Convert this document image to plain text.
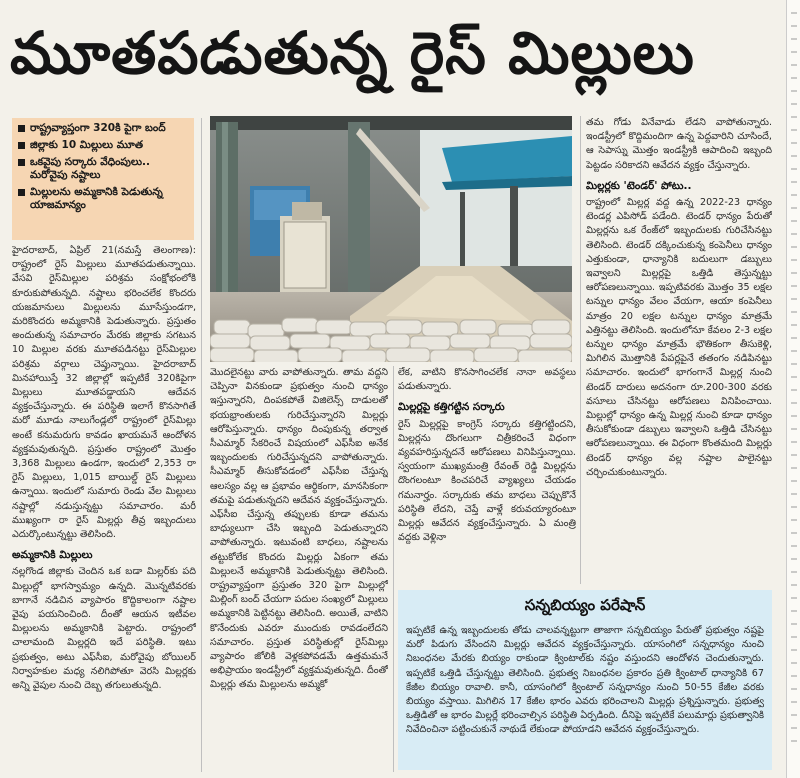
మూతపడుతున్న రైస్ మిల్లులు
రాష్ట్రవ్యాప్తంగా 320కి పైగా బంద్
జిల్లాకు 10 మిల్లులు మూత
ఒకవైపు సర్కారు వేధింపులు.. మరోవైపు నష్టాలు
మిల్లులను అమ్మకానికి పెడుతున్న యాజమాన్యం

హైదరాబాద్, ఏప్రిల్ 21(నమస్తే తెలంగాణ): రాష్ట్రంలో రైస్ మిల్లులు మూతపడుతున్నాయి. వేసవి రైస్‌మిల్లుల పరిశ్రమ సంక్షోభంలోకి కూరుకుపోతున్నది. నష్టాలు భరించలేక కొందరు యజమానులు మిల్లులను మూసేస్తుండగా, మరికొందరు అమ్మకానికి పెడుతున్నారు. ప్రస్తుతం అందుతున్న సమాచారం మేరకు జిల్లాకు సగటున 10 మిల్లుల వరకు మూతపడినట్టు రైస్‌మిల్లుల పరిశ్రమ వర్గాలు చెప్తున్నాయి. హైదరాబాద్ మినహాయిస్తే 32 జిల్లాల్లో ఇప్పటికే 320కిపైగా మిల్లులు మూతపడ్డాయని ఆదేవన వ్యక్తంచేస్తున్నారు. ఈ పరిస్థితి ఇలాగే కొనసాగితే మరో మూడు నాలుగేండ్లలో రాష్ట్రంలో రైస్‌మిల్లు అంటే కనుమరుగు కావడం ఖాయమనే ఆందోళన వ్యక్తమవుతున్నది. ప్రస్తుతం రాష్ట్రంలో మొత్తం 3,368 మిల్లులు ఉండగా, ఇందులో 2,353 రా రైస్ మిల్లులు, 1,015 బాయిల్డ్ రైస్ మిల్లులు ఉన్నాయి. ఇందులో సుమారు రెండు వేల మిల్లులు నష్టాల్లో నడుస్తున్నట్టు సమాచారం. మరీ ముఖ్యంగా రా రైస్ మిల్లర్లు తీవ్ర ఇబ్బందులు ఎదుర్కొంటున్నట్టు తెలిసింది.

అమ్మకానికి మిల్లులు

నల్లగొండ జిల్లాకు చెందిన ఒక బడా మిల్లర్‌కు పది మిల్లుల్లో భాగస్వామ్యం ఉన్నది. మొన్నటివరకు బాగానే నడిచిన వ్యాపారం కొద్దికాలంగా నష్టాల వైపు పయనించింది. దీంతో ఆయన ఇటీవల మిల్లులను అమ్మకానికి పెట్టారు. రాష్ట్రంలో చాలామంది మిల్లర్లది ఇదే పరిస్థితి. ఇటు ప్రభుత్వం, అటు ఎఫ్‌సీఐ, మరోవైపు బోయిలర్ నిర్వాహకుల మధ్య నలిగిపోతూ వెరసి మిల్లర్లకు అన్ని వైపుల నుంచి దెబ్బ తగులుతున్నది.

మొదలైనట్టు వారు వాపోతున్నారు. తామ వద్దని చెప్పినా వినకుండా ప్రభుత్వం నుంచి ధాన్యం ఇస్తున్నారని, దింపకపోతే విజిలెన్స్ దాడులతో భయభ్రాంతులకు గురిచేస్తున్నారని మిల్లర్లు ఆరోపిస్తున్నారు. ధాన్యం దింపుకున్న తర్వాత సీఎమ్మార్ సేకరించే విషయంలో ఎఫ్‌సీఐ అనేక ఇబ్బందులకు గురిచేస్తున్నదని వాపోతున్నారు. సీఎమ్మార్ తీసుకోవడంలో ఎఫ్‌సీఐ చేస్తున్న ఆలస్యం వల్ల ఆ ప్రభావం ఆర్థికంగా, మానసికంగా తమపై పడుతున్నదని ఆదేవన వ్యక్తంచేస్తున్నారు. ఎఫ్‌సీఐ చేస్తున్న తప్పులకు కూడా తమను బాధ్యులుగా చేసి ఇబ్బంది పెడుతున్నారని వాపోతున్నారు. ఇటువంటి బాధలు, నష్టాలను తట్టుకోలేక కొందరు మిల్లర్లు ఏకంగా తమ మిల్లులనే అమ్మకానికి పెడుతున్నట్టు తెలిసింది. రాష్ట్రవ్యాప్తంగా ప్రస్తుతం 320 పైగా మిల్లుల్లో మిల్లింగ్ బంద్ చేయగా పదుల సంఖ్యలో మిల్లులు అమ్మకానికి పెట్టినట్టు తెలిసింది. అయితే, వాటిని కొనేందుకు ఎవరూ ముందుకు రావడంలేదని సమాచారం. ప్రస్తుత పరిస్థితుల్లో రైస్‌మిల్లు వ్యాపారం జోలికి వెళ్లకపోవడమే ఉత్తమమనే అభిప్రాయం ఇండస్ట్రీలో వ్యక్తమవుతున్నది. దీంతో మిల్లర్లు తమ మిల్లులను అమ్మకో

లేక, వాటిని కొనసాగించలేక నానా అవస్థలు పడుతున్నారు.

మిల్లర్లపై కత్తిగట్టిన సర్కారు

రైస్ మిల్లర్లపై కాంగ్రెస్ సర్కారు కత్తిగట్టిందని, మిల్లర్లను దొంగలుగా చిత్రీకరించే విధంగా వ్యవహరిస్తున్నదనే ఆరోపణలు వినిపిస్తున్నాయి. స్వయంగా ముఖ్యమంత్రి రేవంత్ రెడ్డి మిల్లర్లను దొంగలంటూ కించపరిచే వ్యాఖ్యలు చేయడం గమనార్హం. సర్కారుకు తమ బాధలు చెప్పుకొనే పరిస్థితి లేదని, చెప్తే వాళ్లే కరువయ్యారంటూ మిల్లర్లు ఆవేదన వ్యక్తంచేస్తున్నారు. ఏ మంత్రి వద్దకు వెళ్లినా

తమ గోడు వినేవాడు లేడని వాపోతున్నారు. ఇండస్ట్రీలో కొద్దిమందిగా ఉన్న పెద్దవారిని చూసిందే, ఆ సెపాస్ను మొత్తం ఇండస్ట్రీకి ఆపాదించి ఇబ్బంది పెట్టడం సరికాదని ఆవేదన వ్యక్తం చేస్తున్నారు.

మిల్లర్లకు 'టెండర్' పోటు..

రాష్ట్రంలో మిల్లర్ల వద్ద ఉన్న 2022-23 ధాన్యం టెండర్ల ఎపిసోడ్ పడేంది. టెండర్ ధాన్యం పేరుతో మిల్లర్లను ఒక రేంజ్‌లో ఇబ్బందులకు గురిచేసినట్టు తెలిసింది. టెండర్ దక్కించుకున్న కంపెనీలు ధాన్యం ఎత్తుకుండా, ధాన్యానికి బదులుగా డబ్బులు ఇవ్వాలని మిల్లర్లపై ఒత్తిడి తెస్తున్నట్టు ఆరోపణలున్నాయి. ఇప్పటివరకు మొత్తం 35 లక్షల టన్నుల ధాన్యం వేలం వేయగా, ఆయా కంపెనీలు మాత్రం 20 లక్షల టన్నుల ధాన్యం మాత్రమే ఎత్తినట్టు తెలిసింది. ఇందులోనూ కేవలం 2-3 లక్షల టన్నుల ధాన్యం మాత్రమే భౌతికంగా తీసుకెళ్లి, మిగిలిన మొత్తానికి పేపర్లపైనే తతంగం నడిపినట్టు సమాచారం. ఇందులో భాగంగానే మిల్లర్ల నుంచి టెండర్ దారులు అదనంగా రూ.200-300 వరకు వసూలు చేసినట్టు ఆరోపణలు వినిపించాయి. మిల్లుల్లో ధాన్యం ఉన్న మిల్లర్ల నుంచి కూడా ధాన్యం తీసుకోకుండా డబ్బులు ఇవ్వాలని ఒత్తిడి చేసినట్టు ఆరోపణలున్నాయి. ఈ విధంగా కొంతమంది మిల్లర్లు టెండర్ ధాన్యం వల్ల నష్టాల పాలైనట్టు చర్చించుకుంటున్నారు.

సన్నబియ్యం పరేషాన్

ఇప్పటికే ఉన్న ఇబ్బందులకు తోడు చాలవన్నట్టుగా తాజాగా సన్నబియ్యం పేరుతో ప్రభుత్వం నష్టపై మరో పిడుగు వేసిందని మిల్లర్లు ఆవేదన వ్యక్తంచేస్తున్నారు. యాసంగిలో సన్నధాన్యం నుంచి నిబంధనల మేరకు బియ్యం రాకుండా క్వింటాల్‌కు నష్టం వస్తుందని ఆందోళన చెందుతున్నారు. ఇప్పటికే ఒత్తిడి చేస్తున్నట్టు తెలిసింది. ప్రభుత్వ నిబంధనల ప్రకారం ప్రతి క్వింటాల్ ధాన్యానికి 67 కేజీల బియ్యం రావాలి. కానీ, యాసంగిలో క్వింటాల్ సన్నధాన్యం నుంచి 50-55 కేజీల వరకు బియ్యం వస్తాయి. మిగిలిన 17 కేజీల భారం ఎవరు భరించాలని మిల్లర్లు ప్రశ్నిస్తున్నారు. ప్రభుత్వ ఒత్తిడితో ఆ భారం మిల్లర్లే భరించాల్సిన పరిస్థితి ఏర్పడింది. దీనిపై ఇప్పటికే పలుమార్లు ప్రభుత్వానికి నివేదించినా పట్టించుకునే నాథుడే లేకుండా పోయాడని ఆవేదన వ్యక్తంచేస్తున్నారు.
